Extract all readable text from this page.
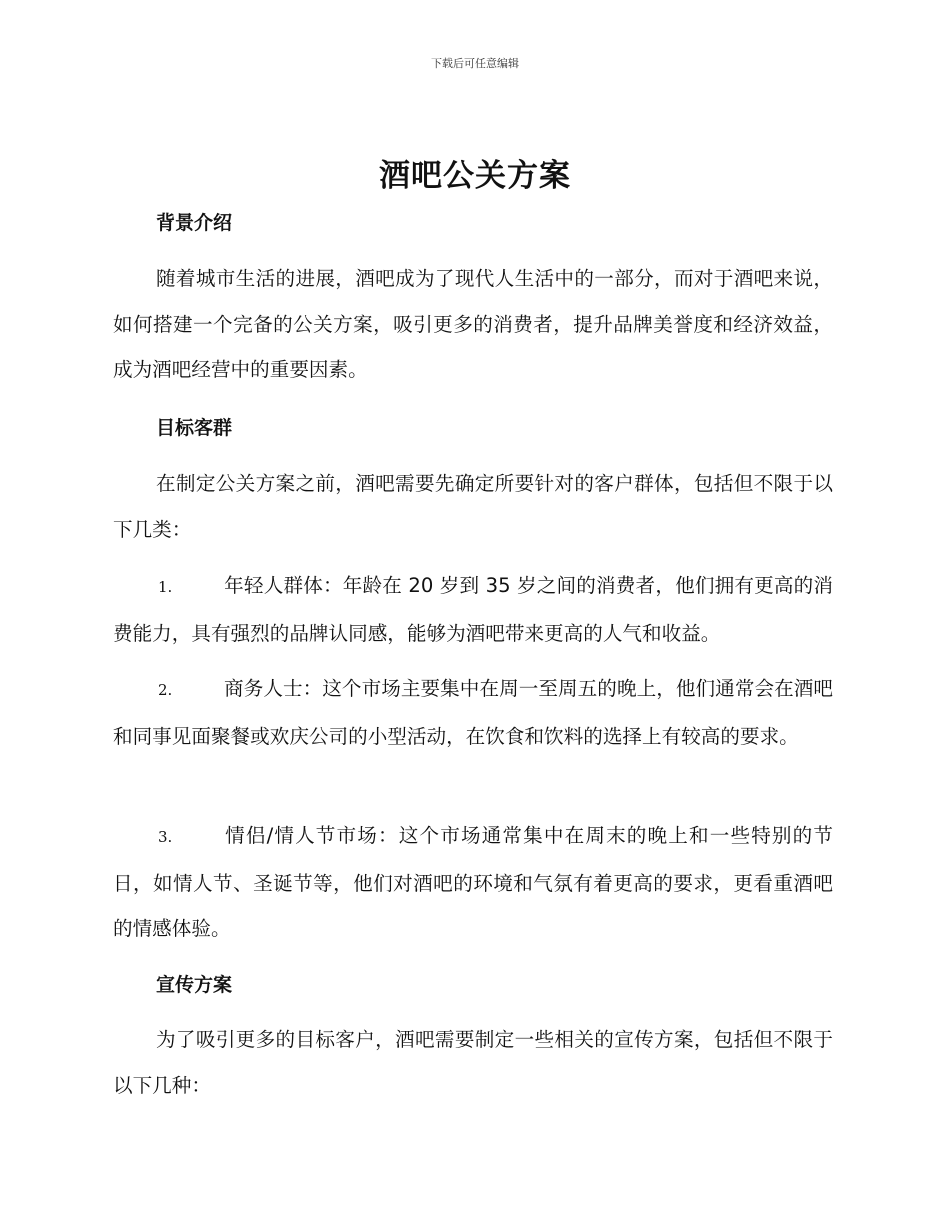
下载后可任意编辑
酒吧公关方案
背景介绍

随着城市生活的进展，酒吧成为了现代人生活中的一部分，而对于酒吧来说，如何搭建一个完备的公关方案，吸引更多的消费者，提升品牌美誉度和经济效益，成为酒吧经营中的重要因素。

目标客群

在制定公关方案之前，酒吧需要先确定所要针对的客户群体，包括但不限于以下几类：

1.	年轻人群体：年龄在 20 岁到 35 岁之间的消费者，他们拥有更高的消费能力，具有强烈的品牌认同感，能够为酒吧带来更高的人气和收益。

2.	商务人士：这个市场主要集中在周一至周五的晚上，他们通常会在酒吧和同事见面聚餐或欢庆公司的小型活动，在饮食和饮料的选择上有较高的要求。

3.	情侣/情人节市场：这个市场通常集中在周末的晚上和一些特别的节日，如情人节、圣诞节等，他们对酒吧的环境和气氛有着更高的要求，更看重酒吧的情感体验。

宣传方案

为了吸引更多的目标客户，酒吧需要制定一些相关的宣传方案，包括但不限于以下几种：
